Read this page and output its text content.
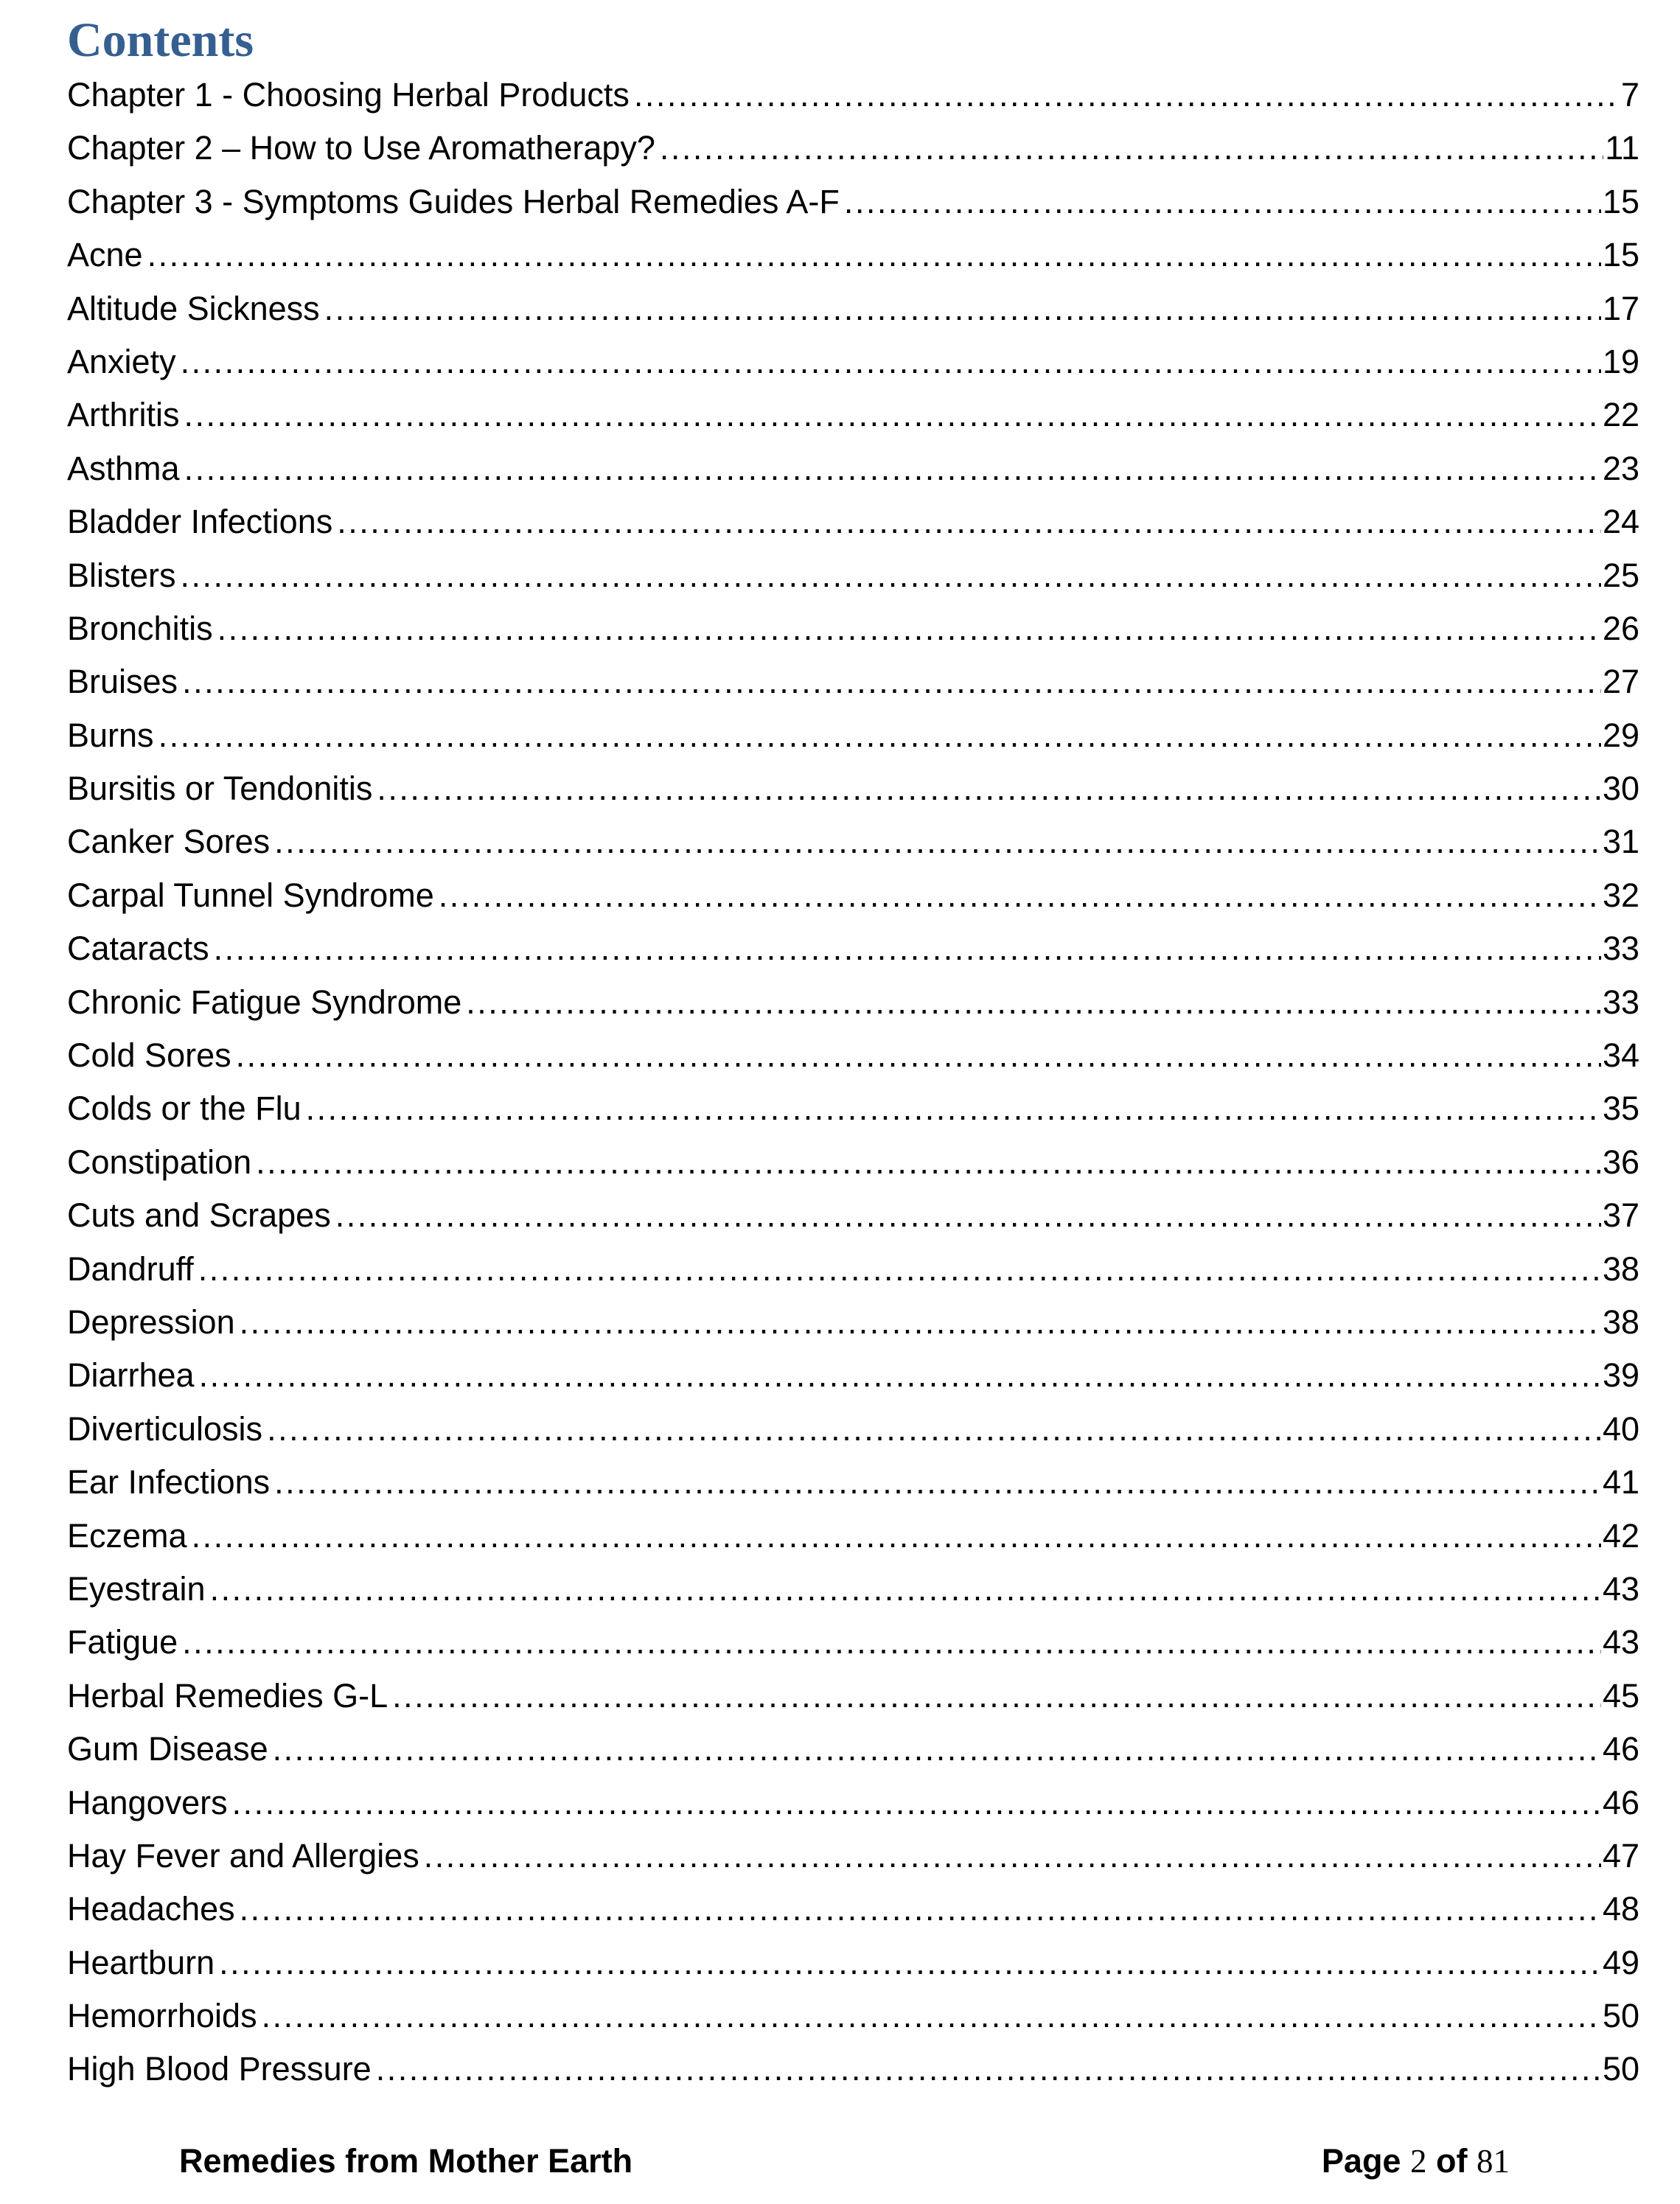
Contents
Chapter 1 - Choosing Herbal Products .....	7
Chapter 2 – How to Use Aromatherapy? .....	11
Chapter 3 - Symptoms Guides Herbal Remedies A-F .....	15
Acne .....	15
Altitude Sickness .....	17
Anxiety .....	19
Arthritis .....	22
Asthma .....	23
Bladder Infections .....	24
Blisters .....	25
Bronchitis .....	26
Bruises .....	27
Burns .....	29
Bursitis or Tendonitis .....	30
Canker Sores .....	31
Carpal Tunnel Syndrome .....	32
Cataracts .....	33
Chronic Fatigue Syndrome .....	33
Cold Sores .....	34
Colds or the Flu .....	35
Constipation .....	36
Cuts and Scrapes .....	37
Dandruff .....	38
Depression .....	38
Diarrhea .....	39
Diverticulosis .....	40
Ear Infections .....	41
Eczema .....	42
Eyestrain .....	43
Fatigue .....	43
Herbal Remedies G-L .....	45
Gum Disease .....	46
Hangovers .....	46
Hay Fever and Allergies .....	47
Headaches .....	48
Heartburn .....	49
Hemorrhoids .....	50
High Blood Pressure .....	50
Remedies from Mother Earth	Page 2 of 81
